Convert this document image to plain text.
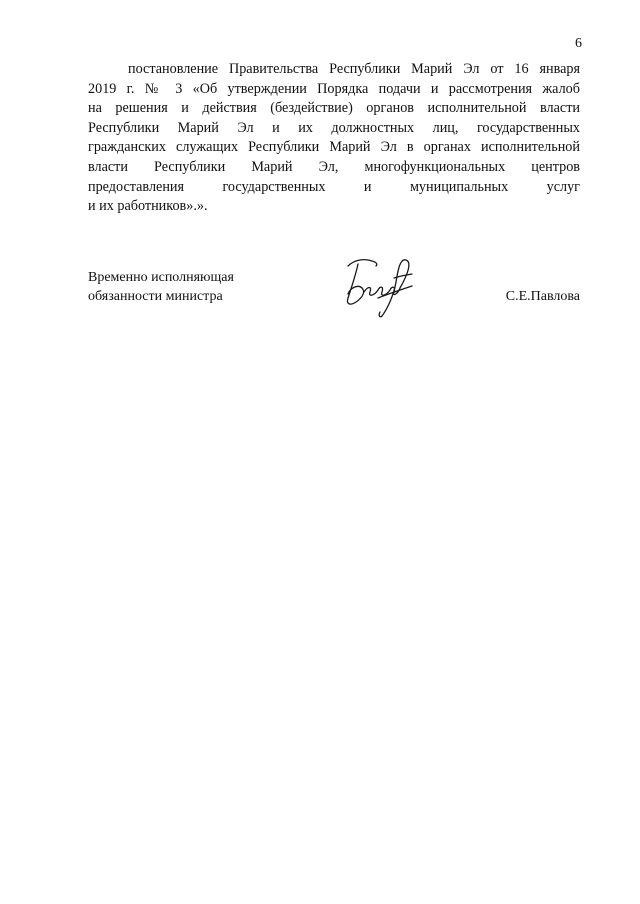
6
постановление Правительства Республики Марий Эл от 16 января
2019 г. № 3 «Об утверждении Порядка подачи и рассмотрения жалоб
на решения и действия (бездействие) органов исполнительной власти
Республики Марий Эл и их должностных лиц, государственных
гражданских служащих Республики Марий Эл в органах исполнительной
власти Республики Марий Эл, многофункциональных центров
предоставления государственных и муниципальных услуг
и их работников».».
Временно исполняющая
обязанности министра	С.Е.Павлова
